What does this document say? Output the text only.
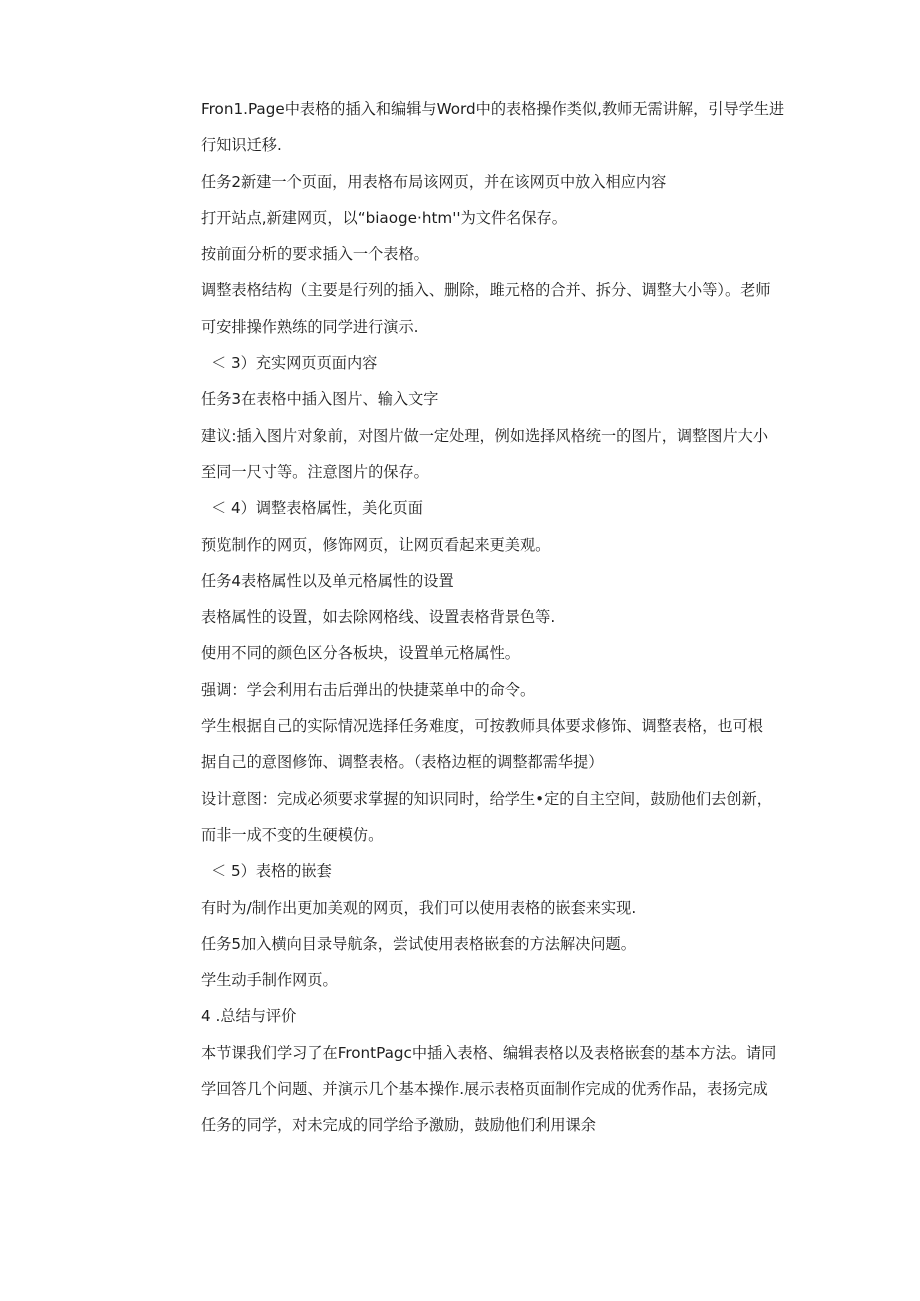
Fron1.Page中表格的插入和编辑与Word中的表格操作类似,教师无需讲解，引导学生进
行知识迁移.
任务2新建一个页面，用表格布局该网页，并在该网页中放入相应内容
打开站点,新建网页，以“biaoge·htm''为文件名保存。
按前面分析的要求插入一个表格。
调整表格结构（主要是行列的插入、删除，雎元格的合并、拆分、调整大小等）。老师
可安排操作熟练的同学进行演示.
＜ 3）充实网页页面内容
任务3在表格中插入图片、输入文字
建议:插入图片对象前，对图片做一定处理，例如选择风格统一的图片，调整图片大小
至同一尺寸等。注意图片的保存。
＜ 4）调整表格属性，美化页面
预览制作的网页，修饰网页，让网页看起来更美观。
任务4表格属性以及单元格属性的设置
表格属性的设置，如去除网格线、设置表格背景色等.
使用不同的颜色区分各板块，设置单元格属性。
强调：学会利用右击后弹出的快捷菜单中的命令。
学生根据自己的实际情况选择任务难度，可按教师具体要求修饰、调整表格，也可根
据自己的意图修饰、调整表格。（表格边框的调整都需华提）
设计意图：完成必须要求掌握的知识同时，给学生•定的自主空间，鼓励他们去创新，
而非一成不变的生硬模仿。
＜ 5）表格的嵌套
有时为/制作出更加美观的网页，我们可以使用表格的嵌套来实现.
任务5加入横向目录导航条，尝试使用表格嵌套的方法解决问题。
学生动手制作网页。
4 .总结与评价
本节课我们学习了在FrontPagc中插入表格、编辑表格以及表格嵌套的基本方法。请同
学回答几个问题、并演示几个基本操作.展示表格页面制作完成的优秀作品，表扬完成
任务的同学，对未完成的同学给予激励，鼓励他们利用课余
